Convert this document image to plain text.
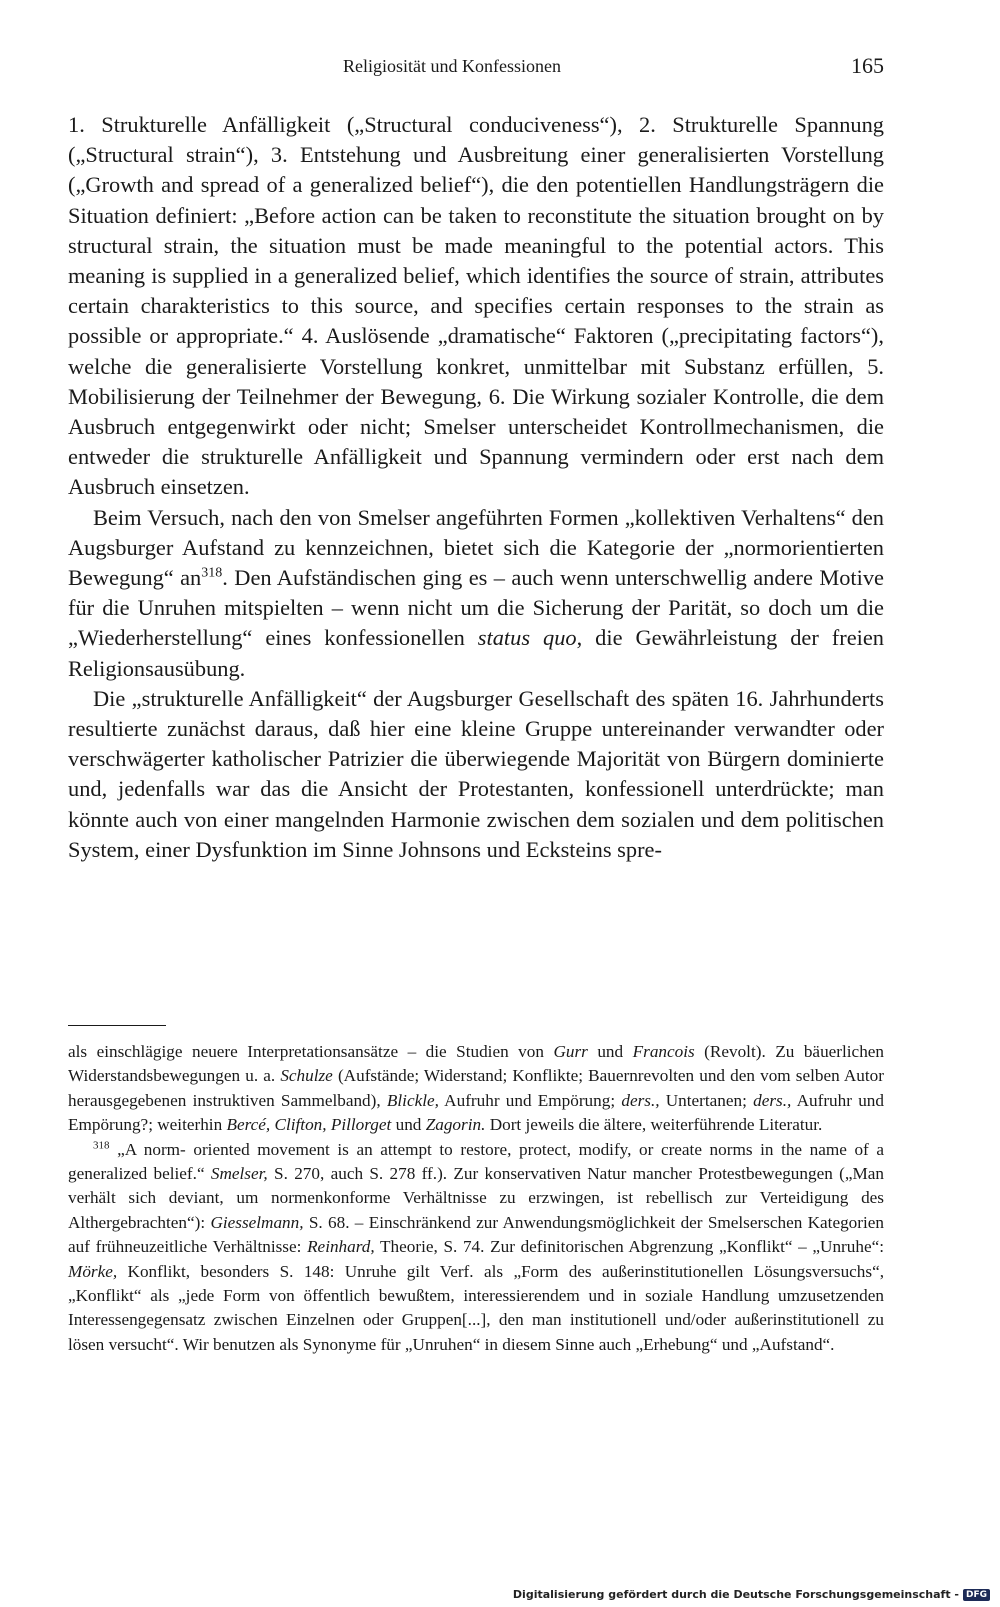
Religiosität und Konfessionen	165

1. Strukturelle Anfälligkeit („Structural conduciveness“), 2. Strukturelle Spannung („Structural strain“), 3. Entstehung und Ausbreitung einer generalisierten Vorstellung („Growth and spread of a generalized belief“), die den potentiellen Handlungsträgern die Situation definiert: „Before action can be taken to reconstitute the situation brought on by structural strain, the situation must be made meaningful to the potential actors. This meaning is supplied in a generalized belief, which identifies the source of strain, attributes certain charakteristics to this source, and specifies certain responses to the strain as possible or appropriate.“ 4. Auslösende „dramatische“ Faktoren („precipitating factors“), welche die generalisierte Vorstellung konkret, unmittelbar mit Substanz erfüllen, 5. Mobilisierung der Teilnehmer der Bewegung, 6. Die Wirkung sozialer Kontrolle, die dem Ausbruch entgegenwirkt oder nicht; Smelser unterscheidet Kontrollmechanismen, die entweder die strukturelle Anfälligkeit und Spannung vermindern oder erst nach dem Ausbruch einsetzen.

Beim Versuch, nach den von Smelser angeführten Formen „kollektiven Verhaltens“ den Augsburger Aufstand zu kennzeichnen, bietet sich die Kategorie der „normorientierten Bewegung“ $an^{318}$. Den Aufständischen ging es – auch wenn unterschwellig andere Motive für die Unruhen mitspielten – wenn nicht um die Sicherung der Parität, so doch um die „Wiederherstellung“ eines konfessionellen status quo, die Gewährleistung der freien Religionsausübung.

Die „strukturelle Anfälligkeit“ der Augsburger Gesellschaft des späten 16. Jahrhunderts resultierte zunächst daraus, daß hier eine kleine Gruppe untereinander verwandter oder verschwägerter katholischer Patrizier die überwiegende Majorität von Bürgern dominierte und, jedenfalls war das die Ansicht der Protestanten, konfessionell unterdrückte; man könnte auch von einer mangelnden Harmonie zwischen dem sozialen und dem politischen System, einer Dysfunktion im Sinne Johnsons und Ecksteins spre-

als einschlägige neuere Interpretationsansätze – die Studien von Gurr und Francois (Revolt). Zu bäuerlichen Widerstandsbewegungen u. a. Schulze (Aufstände; Widerstand; Konflikte; Bauernrevolten und den vom selben Autor herausgegebenen instruktiven Sammelband), Blickle, Aufruhr und Empörung; ders., Untertanen; ders., Aufruhr und Empörung?; weiterhin Bercé, Clifton, Pillorget und Zagorin. Dort jeweils die ältere, weiterführende Literatur.

$^{318}$ „A norm- oriented movement is an attempt to restore, protect, modify, or create norms in the name of a generalized belief.“ Smelser, S. 270, auch S. 278 ff.). Zur konservativen Natur mancher Protestbewegungen („Man verhält sich deviant, um normenkonforme Verhältnisse zu erzwingen, ist rebellisch zur Verteidigung des Althergebrachten“): Giesselmann, S. 68. – Einschränkend zur Anwendungsmöglichkeit der Smelserschen Kategorien auf frühneuzeitliche Verhältnisse: Reinhard, Theorie, S. 74. Zur definitorischen Abgrenzung „Konflikt“ – „Unruhe“: Mörke, Konflikt, besonders S. 148: Unruhe gilt Verf. als „Form des außerinstitutionellen Lösungsversuchs“, „Konflikt“ als „jede Form von öffentlich bewußtem, interessierendem und in soziale Handlung umzusetzenden Interessengegensatz zwischen Einzelnen oder Gruppen[...], den man institutionell und/oder außerinstitutionell zu lösen versucht“. Wir benutzen als Synonyme für „Unruhen“ in diesem Sinne auch „Erhebung“ und „Aufstand“.

Digitalisierung gefördert durch die Deutsche Forschungsgemeinschaft - DFG
